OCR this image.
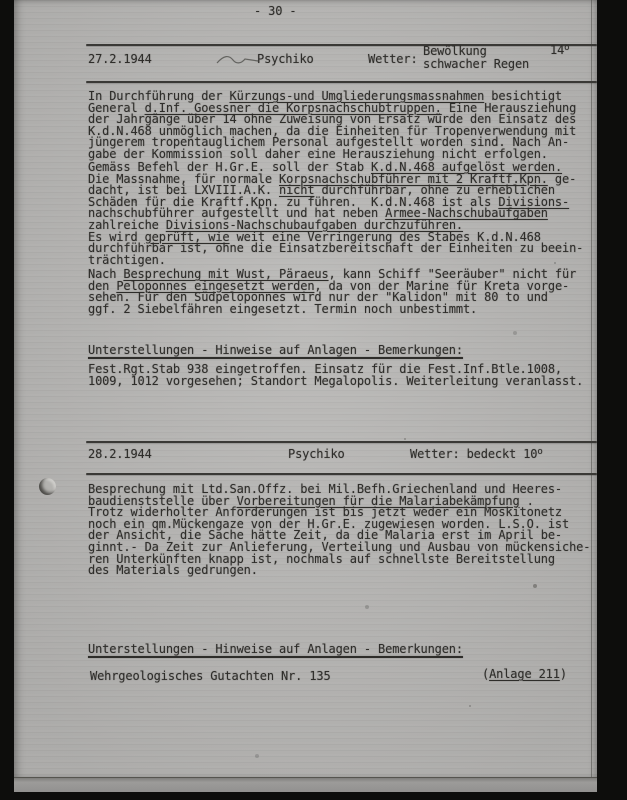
- 30 -
27.2.1944	Psychiko	Wetter:
Bewölkung
schwacher Regen
14$^o$
In Durchführung der Kürzungs-und Umgliederungsmassnahmen besichtigt
General d.Inf. Goessner die Korpsnachschubtruppen. Eine Herausziehung
der Jahrgänge über 14 ohne Zuweisung von Ersatz würde den Einsatz des
K.d.N.468 unmöglich machen, da die Einheiten für Tropenverwendung mit
jüngerem tropentauglichem Personal aufgestellt worden sind. Nach An-
gabe der Kommission soll daher eine Herausziehung nicht erfolgen.
Gemäss Befehl der H.Gr.E. soll der Stab K.d.N.468 aufgelöst werden.
Die Massnahme, für normale Korpsnachschubführer mit 2 Kraftf.Kpn. ge-
dacht, ist bei LXVIII.A.K. nicht durchführbar, ohne zu erheblichen
Schäden für die Kraftf.Kpn. zu führen.  K.d.N.468 ist als Divisions-
nachschubführer aufgestellt und hat neben Armee-Nachschubaufgaben
zahlreiche Divisions-Nachschubaufgaben durchzuführen.
Es wird geprüft, wie weit eine Verringerung des Stabes K.d.N.468
durchführbar ist, ohne die Einsatzbereitschaft der Einheiten zu beein-
trächtigen.
Nach Besprechung mit Wust, Päraeus, kann Schiff "Seeräuber" nicht für
den Peloponnes eingesetzt werden, da von der Marine für Kreta vorge-
sehen. Für den Südpeloponnes wird nur der "Kalidon" mit 80 to und
ggf. 2 Siebelfähren eingesetzt. Termin noch unbestimmt.
Unterstellungen - Hinweise auf Anlagen - Bemerkungen:
Fest.Rgt.Stab 938 eingetroffen. Einsatz für die Fest.Inf.Btle.1008,
1009, 1012 vorgesehen; Standort Megalopolis. Weiterleitung veranlasst.
28.2.1944	Psychiko	Wetter: bedeckt 10$^o$
Besprechung mit Ltd.San.Offz. bei Mil.Befh.Griechenland und Heeres-
baudienststelle über Vorbereitungen für die Malariabekämpfung .
Trotz widerholter Anforderungen ist bis jetzt weder ein Moskitonetz
noch ein qm.Mückengaze von der H.Gr.E. zugewiesen worden. L.S.O. ist
der Ansicht, die Sache hätte Zeit, da die Malaria erst im April be-
ginnt.- Da Zeit zur Anlieferung, Verteilung und Ausbau von mückensiche-
ren Unterkünften knapp ist, nochmals auf schnellste Bereitstellung
des Materials gedrungen.
Unterstellungen - Hinweise auf Anlagen - Bemerkungen:
Wehrgeologisches Gutachten Nr. 135	(Anlage 211)
